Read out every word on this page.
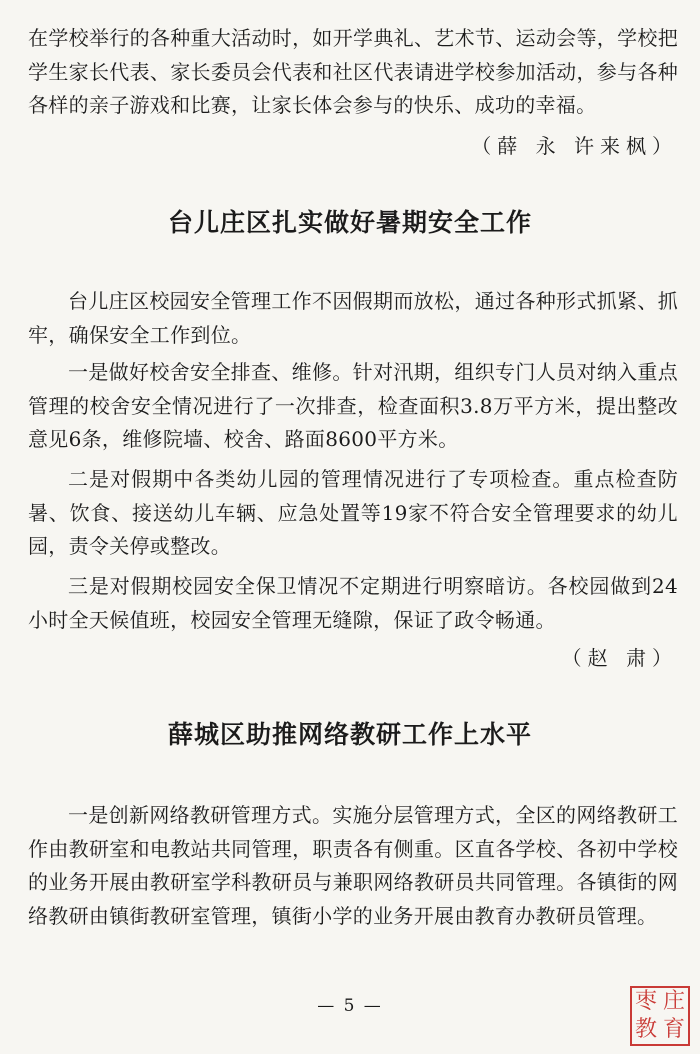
在学校举行的各种重大活动时，如开学典礼、艺术节、运动会等，学校把学生家长代表、家长委员会代表和社区代表请进学校参加活动，参与各种各样的亲子游戏和比赛，让家长体会参与的快乐、成功的幸福。

（薛 永 许来枫）

台儿庄区扎实做好暑期安全工作

台儿庄区校园安全管理工作不因假期而放松，通过各种形式抓紧、抓牢，确保安全工作到位。

一是做好校舍安全排查、维修。针对汛期，组织专门人员对纳入重点管理的校舍安全情况进行了一次排查，检查面积3.8万平方米，提出整改意见6条，维修院墙、校舍、路面8600平方米。

二是对假期中各类幼儿园的管理情况进行了专项检查。重点检查防暑、饮食、接送幼儿车辆、应急处置等19家不符合安全管理要求的幼儿园，责令关停或整改。

三是对假期校园安全保卫情况不定期进行明察暗访。各校园做到24小时全天候值班，校园安全管理无缝隙，保证了政令畅通。

（赵 肃）

薛城区助推网络教研工作上水平

一是创新网络教研管理方式。实施分层管理方式，全区的网络教研工作由教研室和电教站共同管理，职责各有侧重。区直各学校、各初中学校的业务开展由教研室学科教研员与兼职网络教研员共同管理。各镇街的网络教研由镇街教研室管理，镇街小学的业务开展由教育办教研员管理。

— 5 —	枣 庄
教 育
